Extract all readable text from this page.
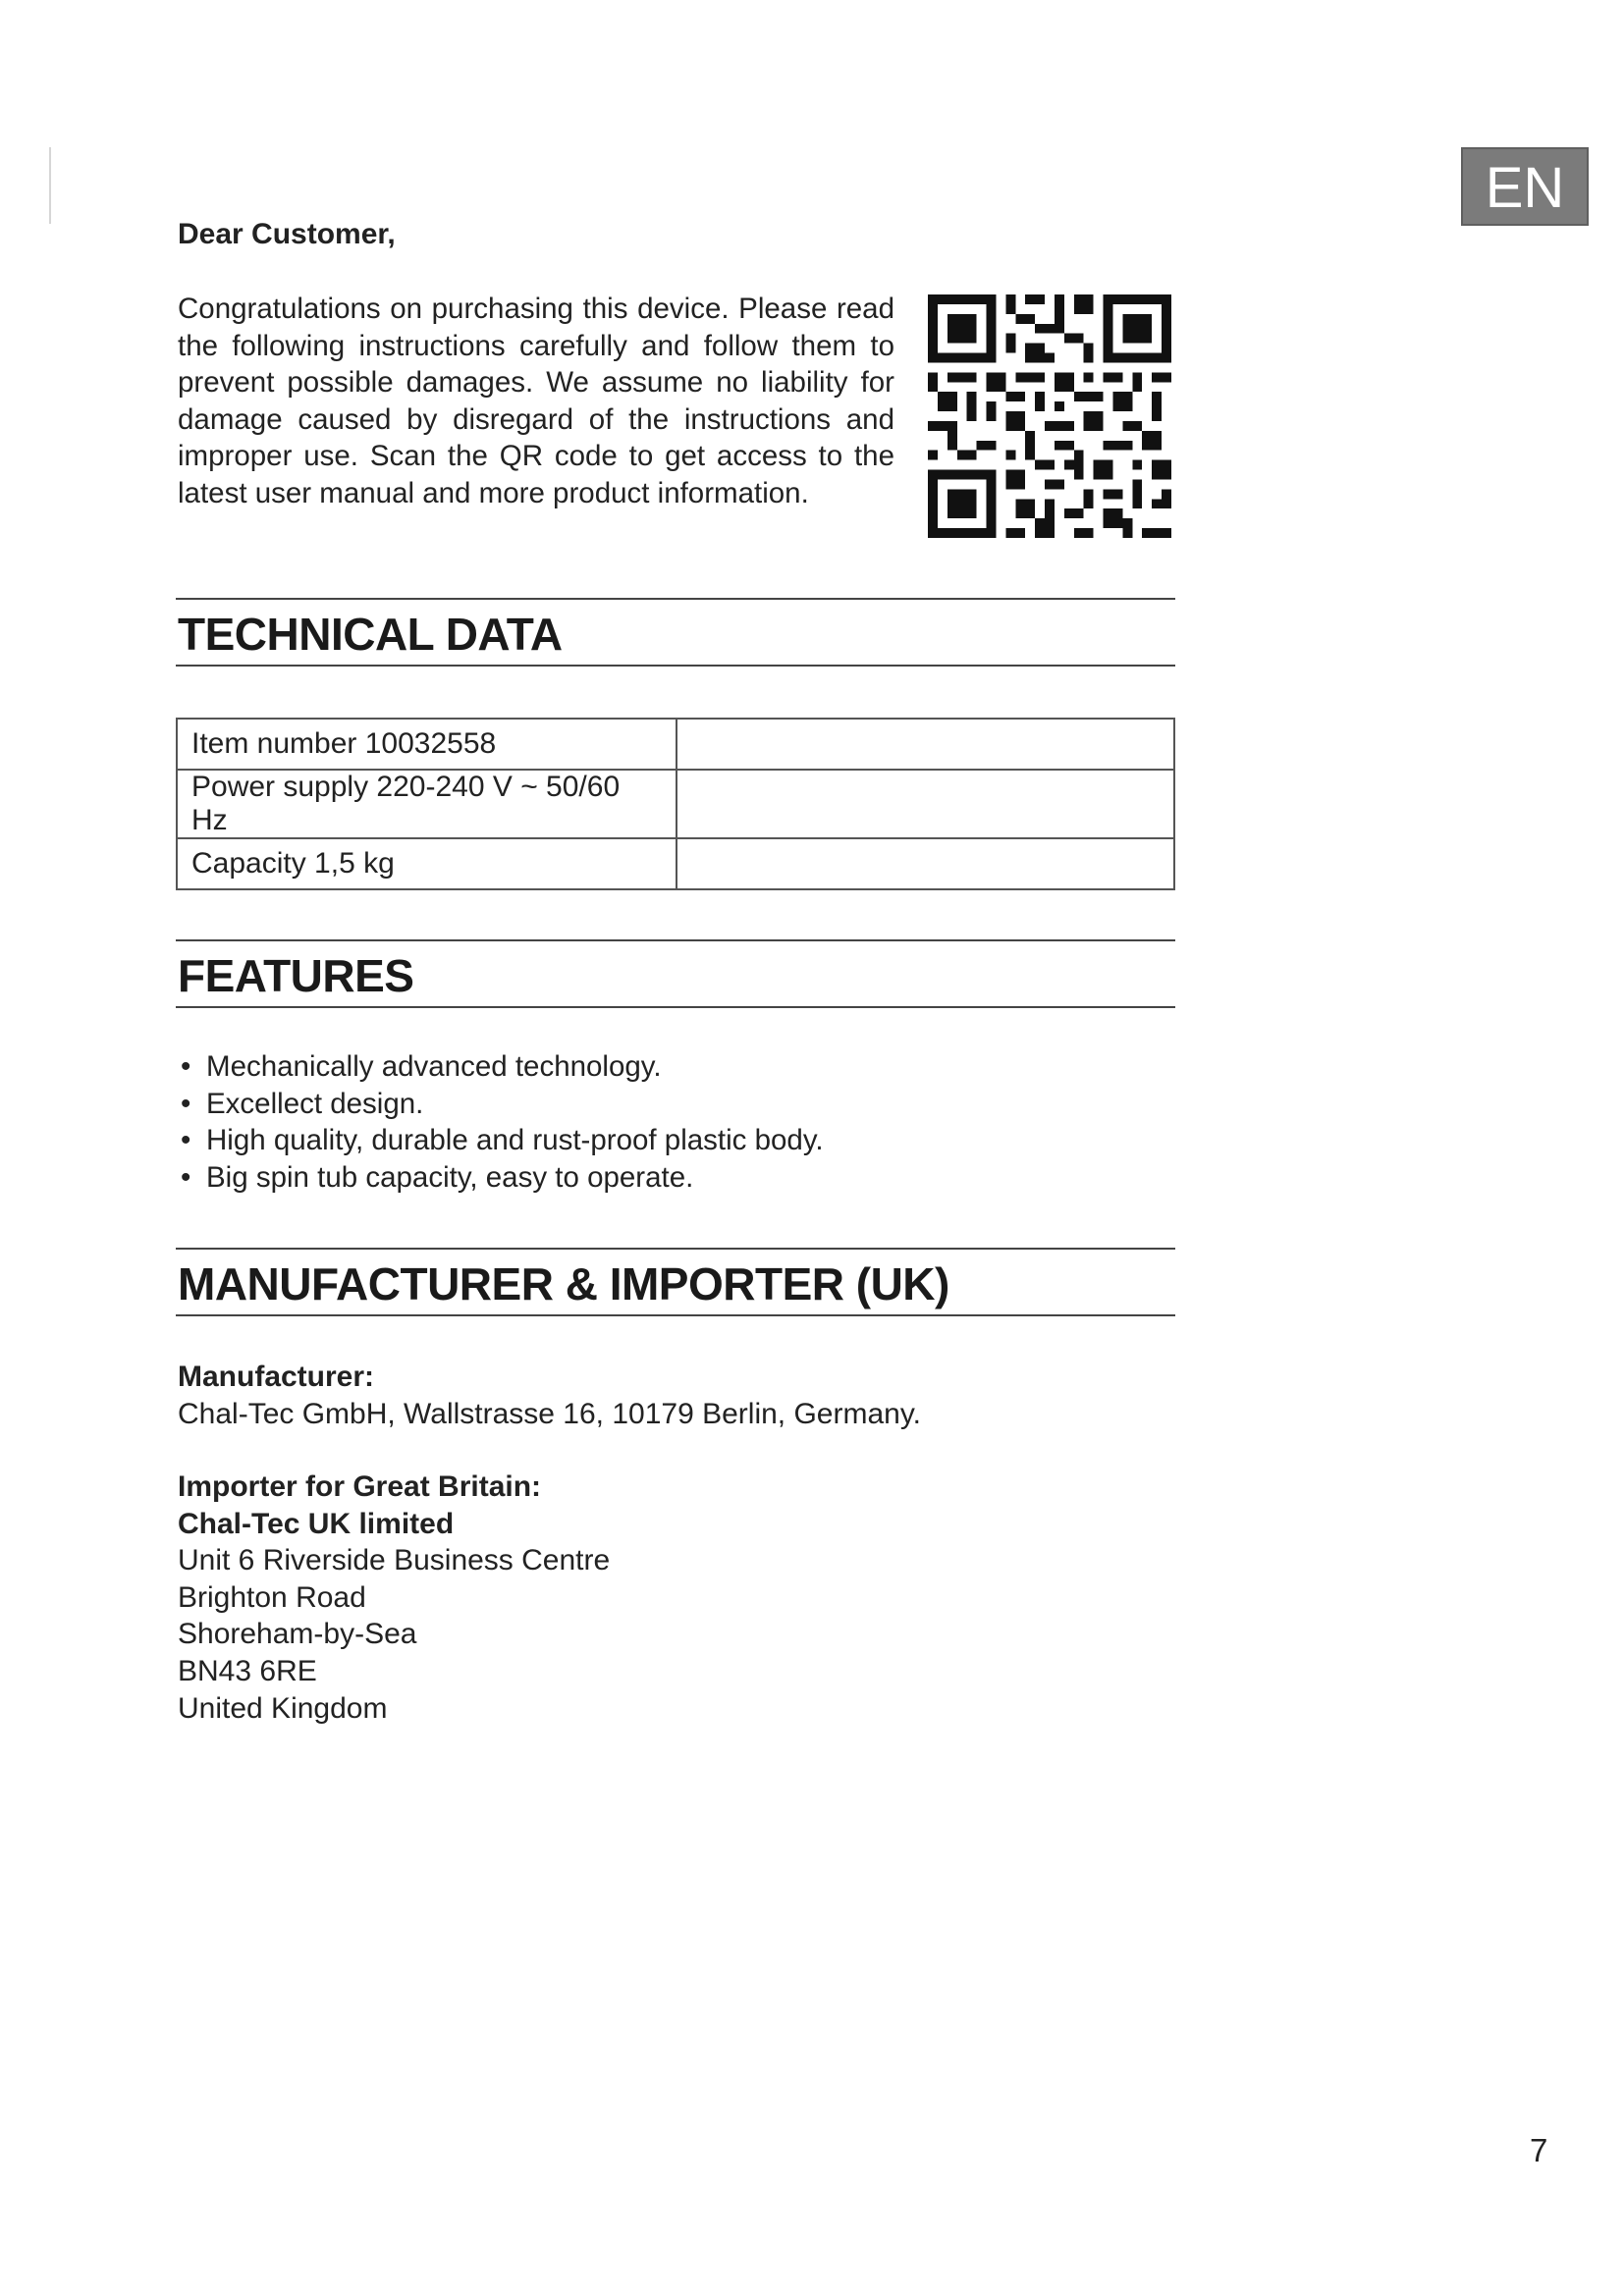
EN
Dear Customer,
Congratulations on purchasing this device. Please read the following instructions carefully and follow them to prevent possible damages. We assume no liability for damage caused by disregard of the instructions and improper use. Scan the QR code to get access to the latest user manual and more product information.
TECHNICAL DATA
Item number 10032558	
Power supply 220-240 V ~ 50/60 Hz	
Capacity 1,5 kg	
FEATURES
• Mechanically advanced technology.
• Excellect design.
• High quality, durable and rust-proof plastic body.
• Big spin tub capacity, easy to operate.
MANUFACTURER & IMPORTER (UK)
Manufacturer:
Chal-Tec GmbH, Wallstrasse 16, 10179 Berlin, Germany.
Importer for Great Britain:
Chal-Tec UK limited
Unit 6 Riverside Business Centre
Brighton Road
Shoreham-by-Sea
BN43 6RE
United Kingdom
7
